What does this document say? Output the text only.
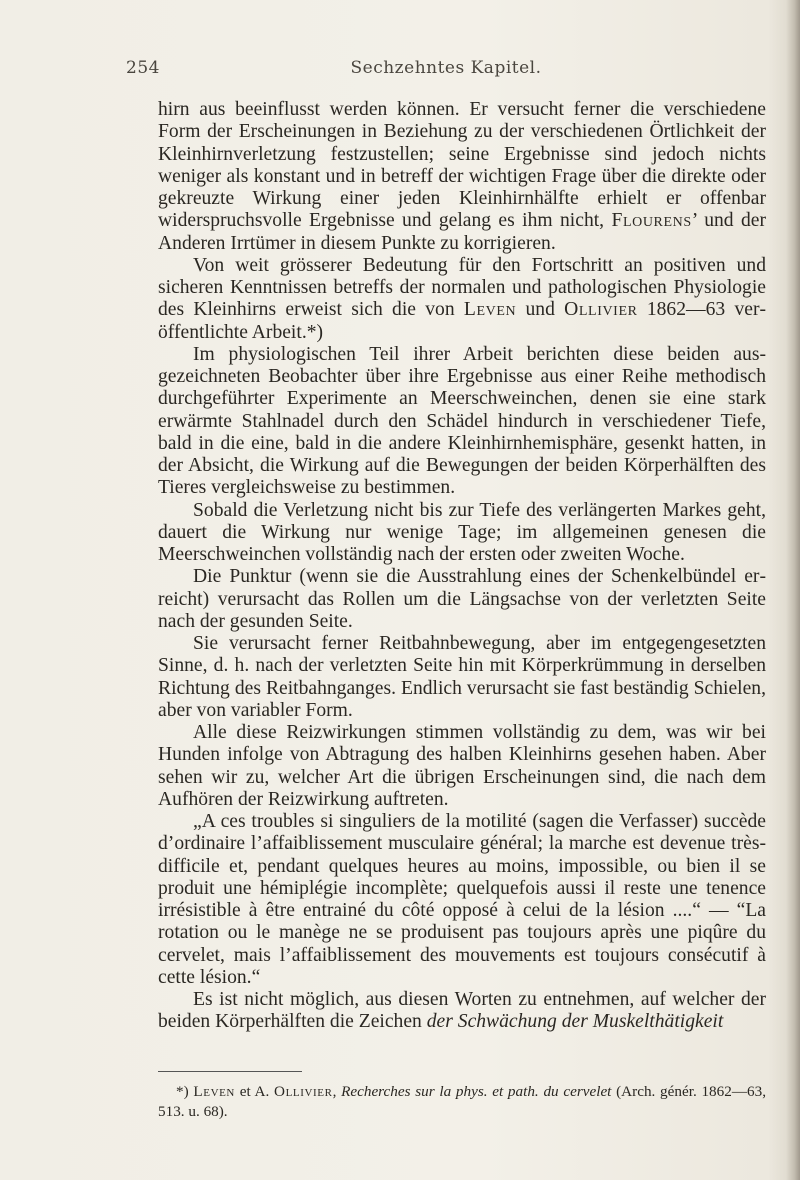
254	Sechzehntes Kapitel.

hirn aus beeinflusst werden können. Er versucht ferner die verschiedene Form der Erscheinungen in Beziehung zu der verschiedenen Örtlichkeit der Kleinhirnverletzung festzustellen; seine Ergebnisse sind jedoch nichts weniger als konstant und in betreff der wichtigen Frage über die direkte oder gekreuzte Wirkung einer jeden Kleinhirnhälfte erhielt er offenbar widerspruchsvolle Ergebnisse und gelang es ihm nicht, Flourens’ und der Anderen Irrtümer in diesem Punkte zu korrigieren.

Von weit grösserer Bedeutung für den Fortschritt an positiven und sicheren Kenntnissen betreffs der normalen und pathologischen Physiologie des Kleinhirns erweist sich die von Leven und Ollivier 1862—63 veröffentlichte Arbeit.*)

Im physiologischen Teil ihrer Arbeit berichten diese beiden ausgezeichneten Beobachter über ihre Ergebnisse aus einer Reihe methodisch durchgeführter Experimente an Meerschweinchen, denen sie eine stark erwärmte Stahlnadel durch den Schädel hindurch in verschiedener Tiefe, bald in die eine, bald in die andere Kleinhirnhemisphäre, gesenkt hatten, in der Absicht, die Wirkung auf die Bewegungen der beiden Körperhälften des Tieres vergleichsweise zu bestimmen.

Sobald die Verletzung nicht bis zur Tiefe des verlängerten Markes geht, dauert die Wirkung nur wenige Tage; im allgemeinen genesen die Meerschweinchen vollständig nach der ersten oder zweiten Woche.

Die Punktur (wenn sie die Ausstrahlung eines der Schenkelbündel erreicht) verursacht das Rollen um die Längsachse von der verletzten Seite nach der gesunden Seite.

Sie verursacht ferner Reitbahnbewegung, aber im entgegengesetzten Sinne, d. h. nach der verletzten Seite hin mit Körperkrümmung in derselben Richtung des Reitbahnganges. Endlich verursacht sie fast beständig Schielen, aber von variabler Form.

Alle diese Reizwirkungen stimmen vollständig zu dem, was wir bei Hunden infolge von Abtragung des halben Kleinhirns gesehen haben. Aber sehen wir zu, welcher Art die übrigen Erscheinungen sind, die nach dem Aufhören der Reizwirkung auftreten.

„A ces troubles si singuliers de la motilité (sagen die Verfasser) succède d’ordinaire l’affaiblissement musculaire général; la marche est devenue très-difficile et, pendant quelques heures au moins, impossible, ou bien il se produit une hémiplégie incomplète; quelquefois aussi il reste une tenence irrésistible à être entrainé du côté opposé à celui de la lésion ....“ — “La rotation ou le manège ne se produisent pas toujours après une piqûre du cervelet, mais l’affaiblissement des mouvements est toujours consécutif à cette lésion.“

Es ist nicht möglich, aus diesen Worten zu entnehmen, auf welcher der beiden Körperhälften die Zeichen der Schwächung der Muskelthätigkeit

*) Leven et A. Ollivier, Recherches sur la phys. et path. du cervelet (Arch. génér. 1862—63, 513. u. 68).
